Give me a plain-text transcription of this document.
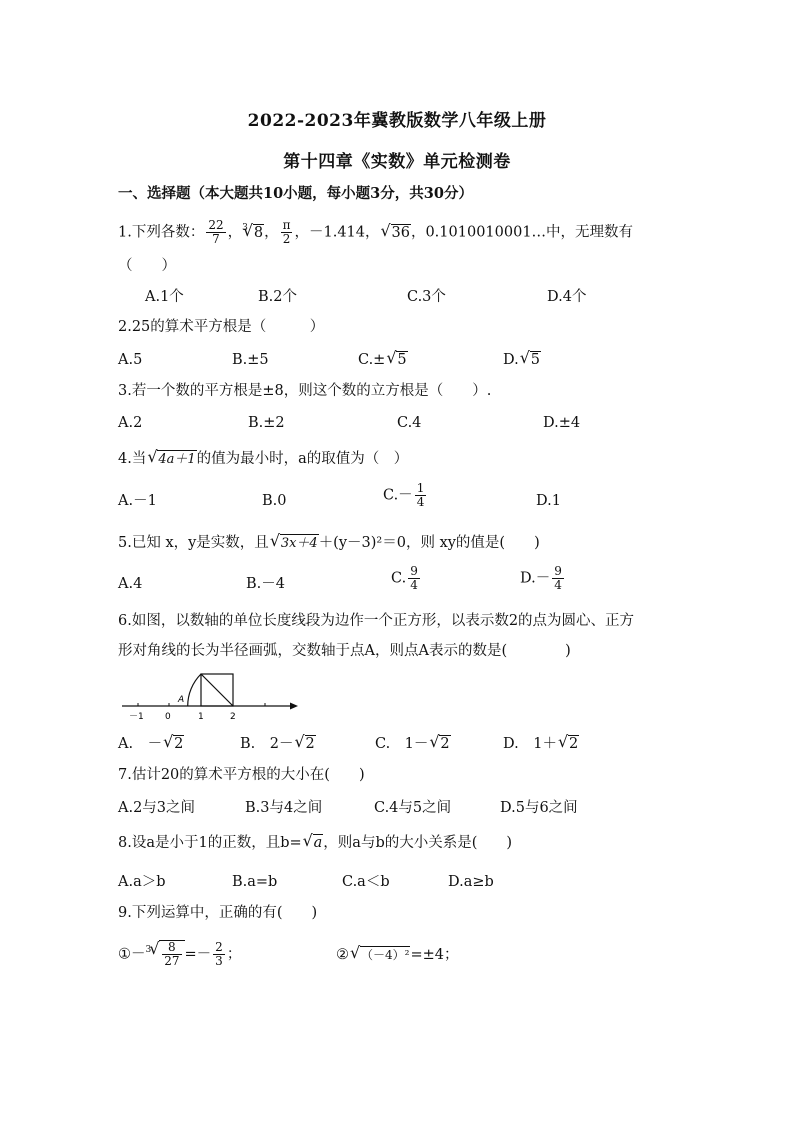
2022-2023年冀教版数学八年级上册
第十四章《实数》单元检测卷
一、选择题（本大题共10小题，每小题3分，共30分）
1.下列各数： $\frac{22}{7}$ ，$^3$ √ 8， $\frac{\pi}{2}$ ，－1.414， √ 36，0.1010010001…中，无理数有
（　　）
A.1个	B.2个	C.3个	D.4个
2.25的算术平方根是（　　　）
A.5	B.±5	C.± √ 5	D. √ 5
3.若一个数的平方根是±8，则这个数的立方根是（　　）.
A.2	B.±2	C.4	D.±4
4.当 √ 4a＋1的值为最小时，a的取值为（　）
A.－1	B.0	$C.- \frac{1}{4}$	D.1
5.已知 x，y是实数，且 √ 3x＋4＋(y－3)²＝0，则 xy的值是(　　)
A.4	B.－4	C. $\frac{9}{4}$	$D.- \frac{9}{4}$
6.如图，以数轴的单位长度线段为边作一个正方形，以表示数2的点为圆心、正方
形对角线的长为半径画弧，交数轴于点A，则点A表示的数是(　　　　)
－1 0	1	2
A
A.　－ √ 2	B.　2－ √ 2	C.　1－ √ 2	D.　1＋ √ 2
7.估计20的算术平方根的大小在(　　)
A.2与3之间	B.3与4之间	C.4与5之间	D.5与6之间
8.设a是小于1的正数，且b= √ a，则a与b的大小关系是(　　)
A.a＞b	B.a=b	C.a＜b	D.a≥b
9.下列运算中，正确的有(　　)
①－$^3$ √ $\frac{8}{27} =- \frac{2}{3}$ ；	② √ （－4）²=±4；
